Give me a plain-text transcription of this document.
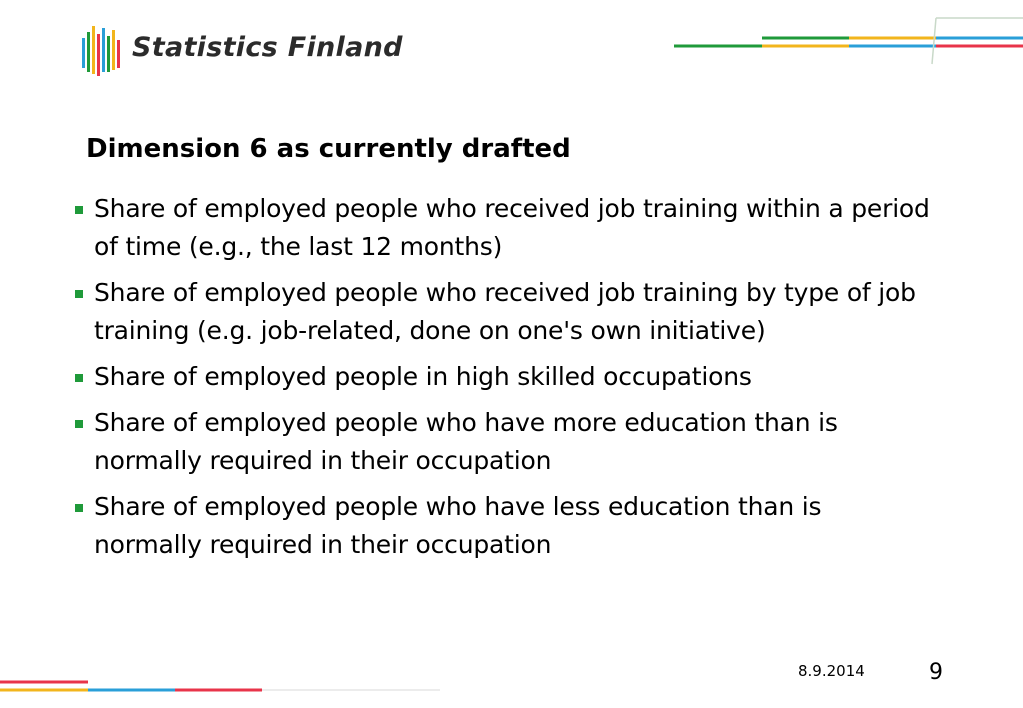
Statistics Finland
Dimension 6 as currently drafted
Share of employed people who received job training within a period of time (e.g., the last 12 months)
Share of employed people who received job training by type of job training (e.g. job-related, done on one's own initiative)
Share of employed people in high skilled occupations
Share of employed people who have more education than is normally required in their occupation
Share of employed people who have less education than is normally required in their occupation
8.9.2014	9
